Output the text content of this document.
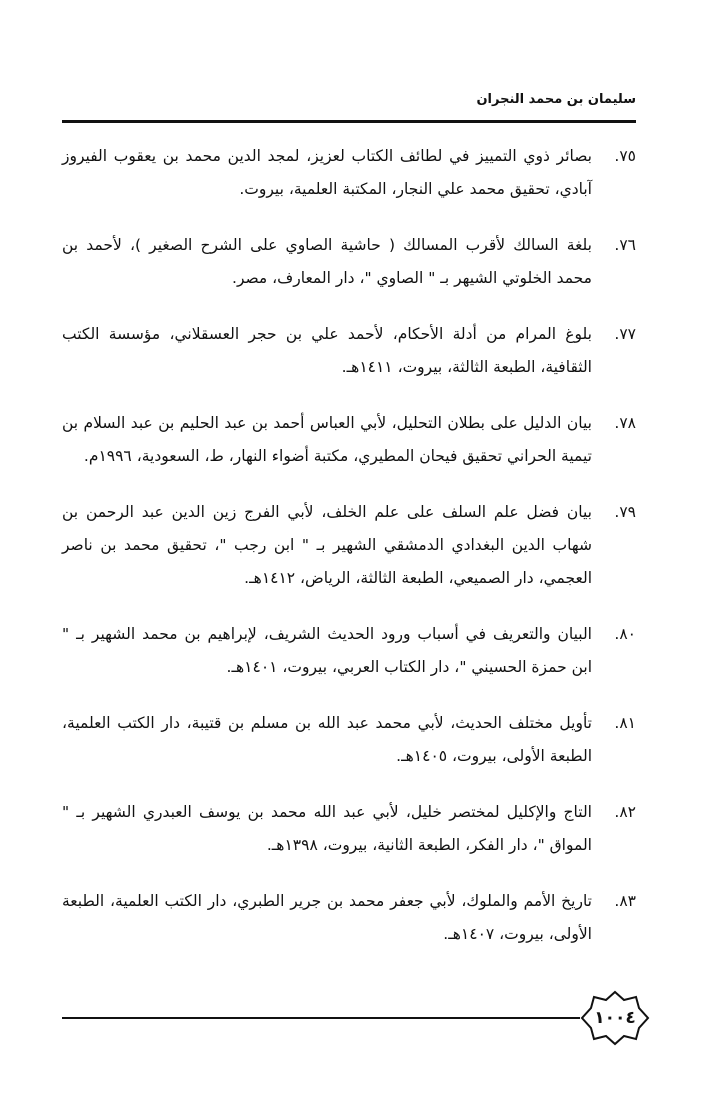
سليمان بن محمد النجران
٧٥.
بصائر ذوي التمييز في لطائف الكتاب لعزيز، لمجد الدين محمد بن يعقوب الفيروز آبادي، تحقيق محمد علي النجار، المكتبة العلمية، بيروت.
٧٦.
بلغة السالك لأقرب المسالك ( حاشية الصاوي على الشرح الصغير )، لأحمد بن محمد الخلوتي الشيهر بـ " الصاوي "، دار المعارف، مصر.
٧٧.
بلوغ المرام من أدلة الأحكام، لأحمد علي بن حجر العسقلاني، مؤسسة الكتب الثقافية، الطبعة الثالثة، بيروت، ١٤١١هـ.
٧٨.
بيان الدليل على بطلان التحليل، لأبي العباس أحمد بن عبد الحليم بن عبد السلام بن تيمية الحراني تحقيق فيحان المطيري، مكتبة أضواء النهار، ط، السعودية، ١٩٩٦م.
٧٩.
بيان فضل علم السلف على علم الخلف، لأبي الفرج زين الدين عبد الرحمن بن شهاب الدين البغدادي الدمشقي الشهير بـ " ابن رجب "، تحقيق محمد بن ناصر العجمي، دار الصميعي، الطبعة الثالثة، الرياض، ١٤١٢هـ.
٨٠.
البيان والتعريف في أسباب ورود الحديث الشريف، لإبراهيم بن محمد الشهير بـ " ابن حمزة الحسيني "، دار الكتاب العربي، بيروت، ١٤٠١هـ.
٨١.
تأويل مختلف الحديث، لأبي محمد عبد الله بن مسلم بن قتيبة، دار الكتب العلمية، الطبعة الأولى، بيروت، ١٤٠٥هـ.
٨٢.
التاج والإكليل لمختصر خليل، لأبي عبد الله محمد بن يوسف العبدري الشهير بـ " المواق "، دار الفكر، الطبعة الثانية، بيروت، ١٣٩٨هـ.
٨٣.
تاريخ الأمم والملوك، لأبي جعفر محمد بن جرير الطبري، دار الكتب العلمية، الطبعة الأولى، بيروت، ١٤٠٧هـ.
١٠٠٤
